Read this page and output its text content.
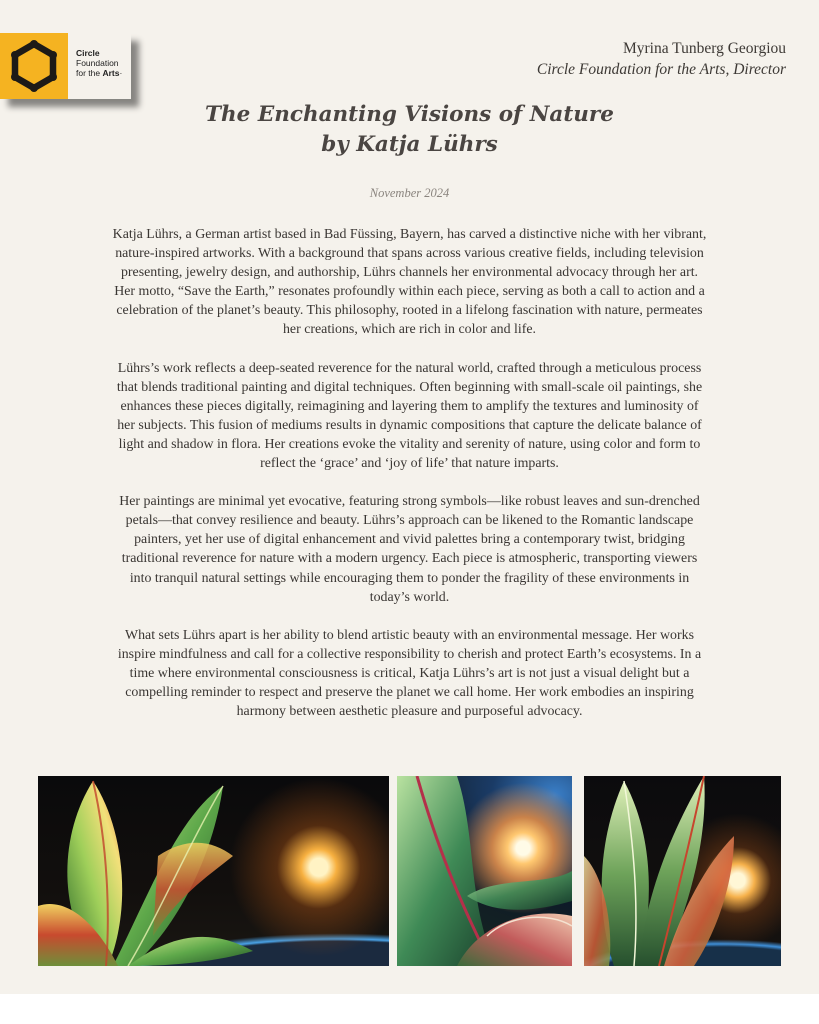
Circle
Foundation
for the Arts·
Myrina Tunberg Georgiou
Circle Foundation for the Arts, Director
The Enchanting Visions of Nature
by Katja Lührs
November 2024

Katja Lührs, a German artist based in Bad Füssing, Bayern, has carved a distinctive niche with her vibrant, nature-inspired artworks. With a background that spans across various creative fields, including television presenting, jewelry design, and authorship, Lührs channels her environmental advocacy through her art. Her motto, “Save the Earth,” resonates profoundly within each piece, serving as both a call to action and a celebration of the planet’s beauty. This philosophy, rooted in a lifelong fascination with nature, permeates her creations, which are rich in color and life.

Lührs’s work reflects a deep-seated reverence for the natural world, crafted through a meticulous process that blends traditional painting and digital techniques. Often beginning with small-scale oil paintings, she enhances these pieces digitally, reimagining and layering them to amplify the textures and luminosity of her subjects. This fusion of mediums results in dynamic compositions that capture the delicate balance of light and shadow in flora. Her creations evoke the vitality and serenity of nature, using color and form to reflect the ‘grace’ and ‘joy of life’ that nature imparts.

Her paintings are minimal yet evocative, featuring strong symbols—like robust leaves and sun-drenched petals—that convey resilience and beauty. Lührs’s approach can be likened to the Romantic landscape painters, yet her use of digital enhancement and vivid palettes bring a contemporary twist, bridging traditional reverence for nature with a modern urgency. Each piece is atmospheric, transporting viewers into tranquil natural settings while encouraging them to ponder the fragility of these environments in today’s world.

What sets Lührs apart is her ability to blend artistic beauty with an environmental message. Her works inspire mindfulness and call for a collective responsibility to cherish and protect Earth’s ecosystems. In a time where environmental consciousness is critical, Katja Lührs’s art is not just a visual delight but a compelling reminder to respect and preserve the planet we call home. Her work embodies an inspiring harmony between aesthetic pleasure and purposeful advocacy.
